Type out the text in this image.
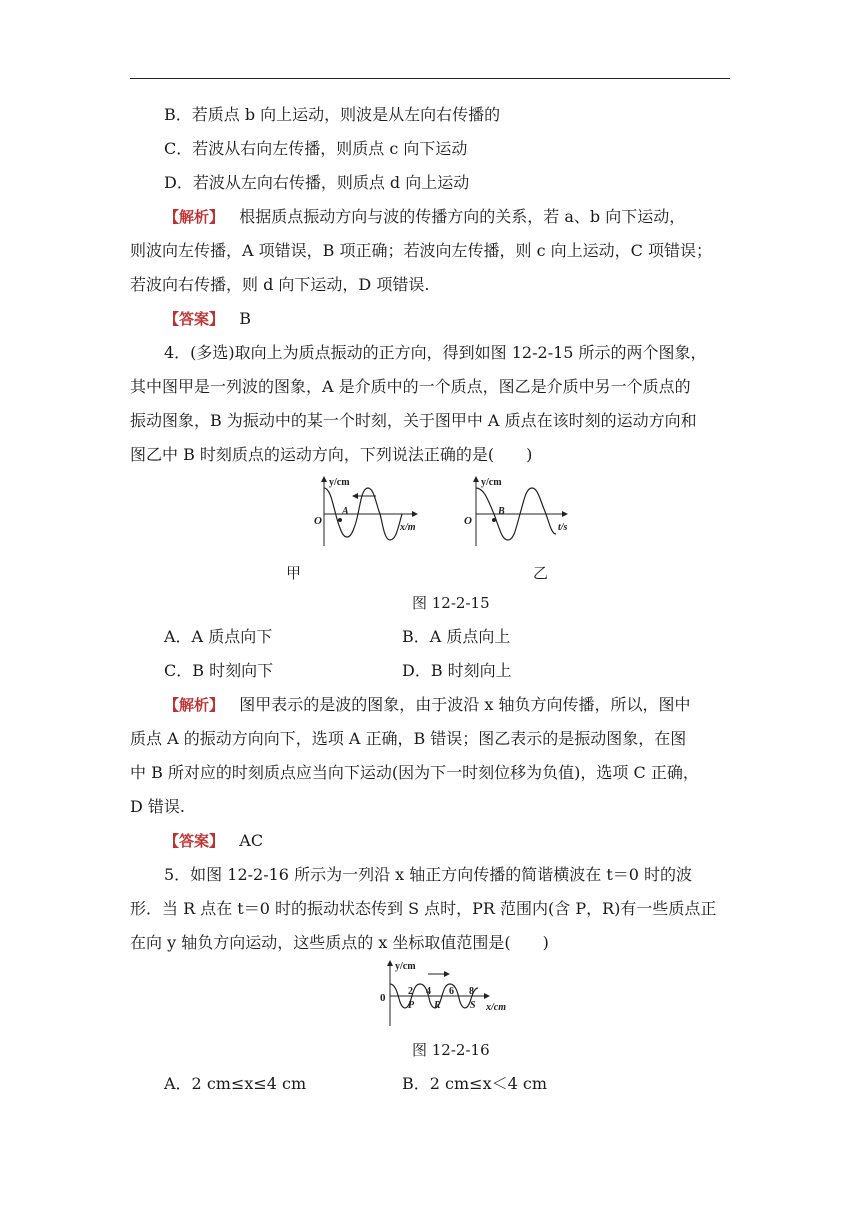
B．若质点 b 向上运动，则波是从左向右传播的
C．若波从右向左传播，则质点 c 向下运动
D．若波从左向右传播，则质点 d 向上运动
【解析】 根据质点振动方向与波的传播方向的关系，若 a、b 向下运动，
则波向左传播，A 项错误，B 项正确；若波向左传播，则 c 向上运动，C 项错误；
若波向右传播，则 d 向下运动，D 项错误.
【答案】 B
4．(多选)取向上为质点振动的正方向，得到如图 12-2-15 所示的两个图象，
其中图甲是一列波的图象，A 是介质中的一个质点，图乙是介质中另一个质点的
振动图象，B 为振动中的某一个时刻，关于图甲中 A 质点在该时刻的运动方向和
图乙中 B 时刻质点的运动方向，下列说法正确的是(　　)
y/cm
x/m
O
A
y/cm
t/s
O
B
甲	乙
图 12-2-15
A．A 质点向下	B．A 质点向上
C．B 时刻向下	D．B 时刻向上
【解析】 图甲表示的是波的图象，由于波沿 x 轴负方向传播，所以，图中
质点 A 的振动方向向下，选项 A 正确，B 错误；图乙表示的是振动图象，在图
中 B 所对应的时刻质点应当向下运动(因为下一时刻位移为负值)，选项 C 正确，
D 错误.
【答案】 AC
5．如图 12-2-16 所示为一列沿 x 轴正方向传播的简谐横波在 t＝0 时的波
形．当 R 点在 t＝0 时的振动状态传到 S 点时，PR 范围内(含 P，R)有一些质点正
在向 y 轴负方向运动，这些质点的 x 坐标取值范围是(　　)
y/cm
x/cm
0
2 4 6 8
P R	S
图 12-2-16
A．2 cm≤x≤4 cm	B．2 cm≤x＜4 cm
